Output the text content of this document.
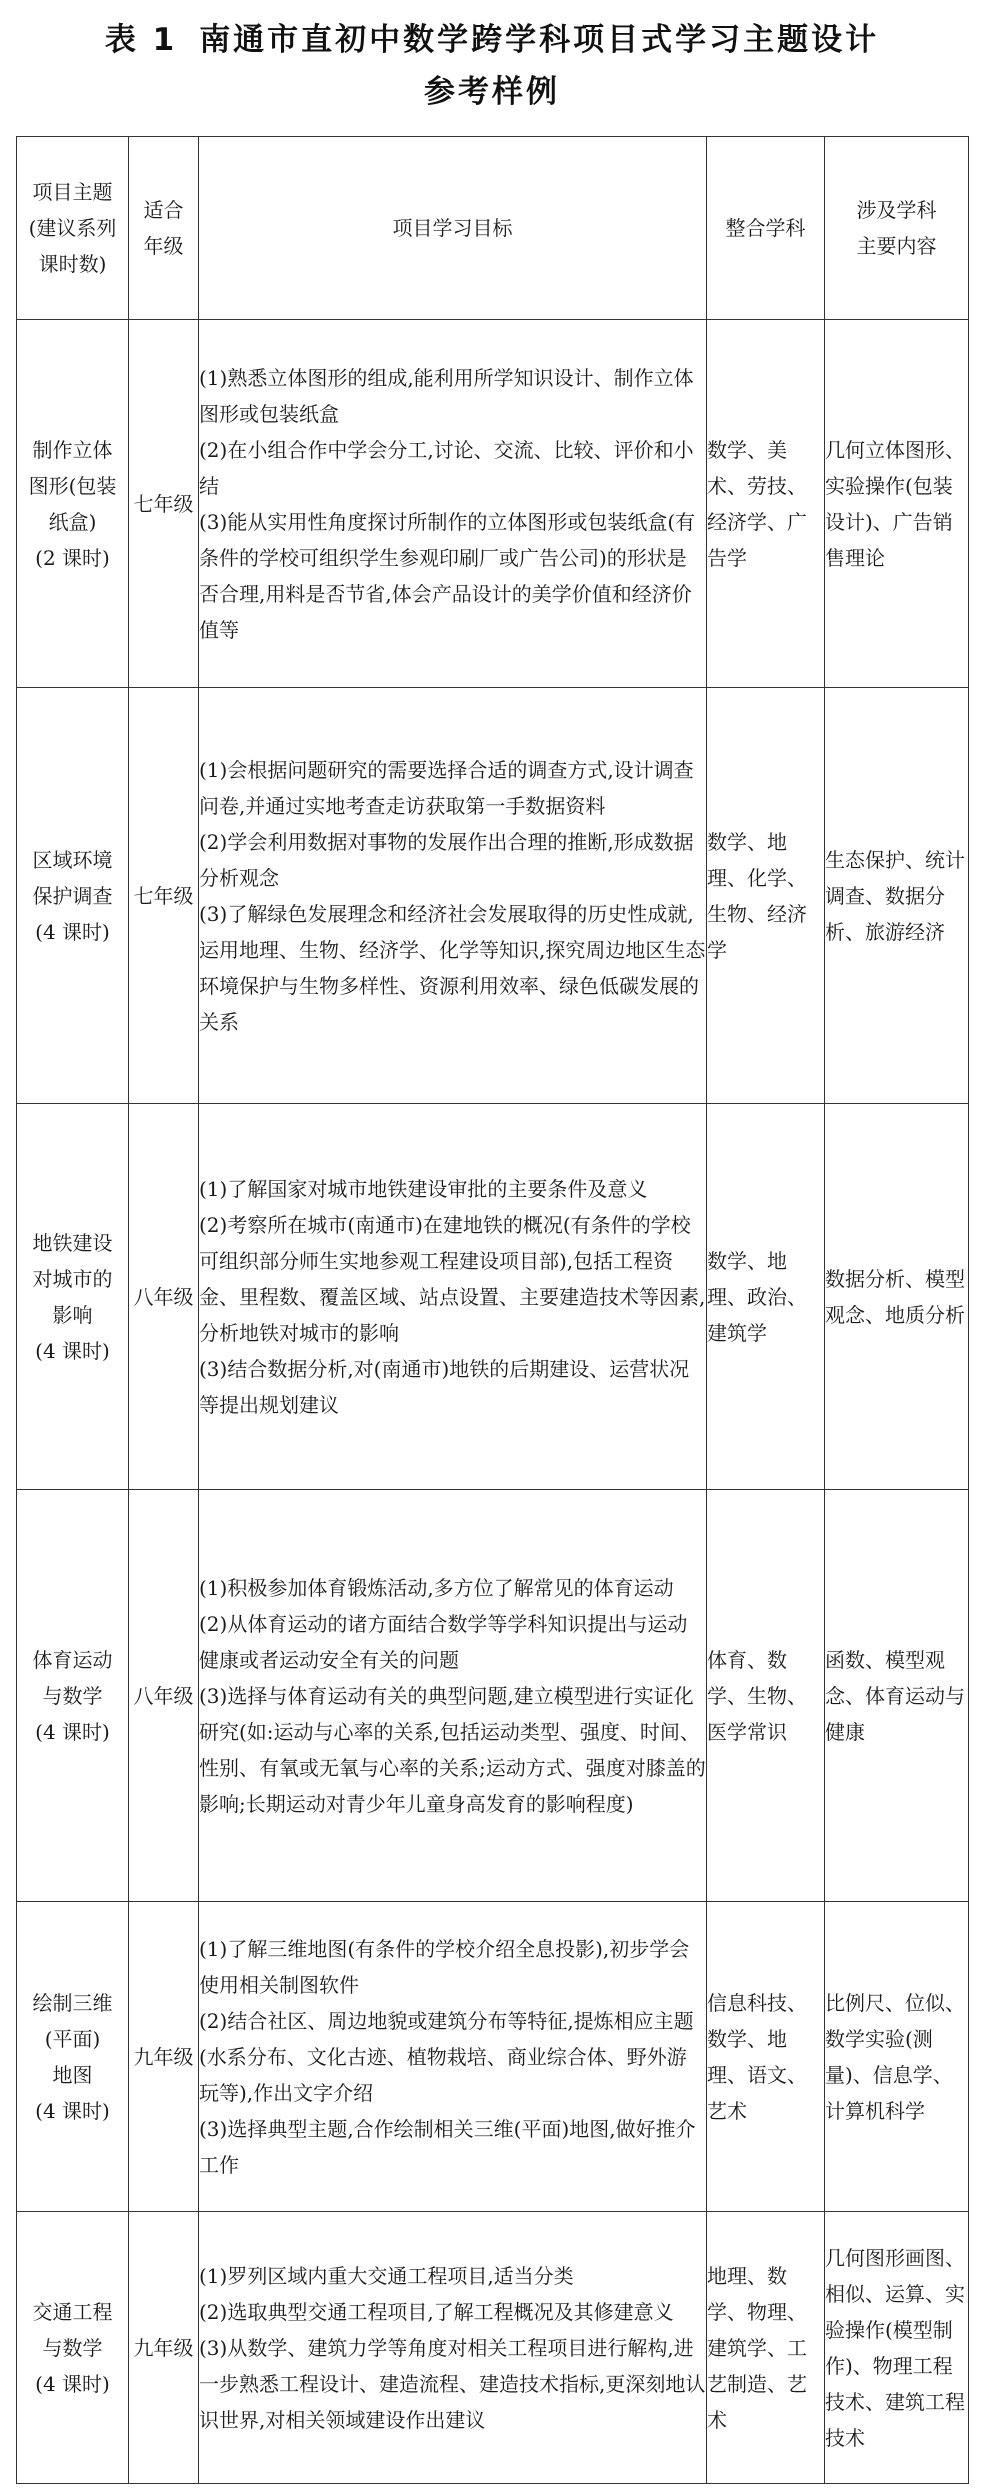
表 1 南通市直初中数学跨学科项目式学习主题设计
参考样例
项目主题
(建议系列
课时数)	适合
年级	项目学习目标	整合学科	涉及学科
主要内容

制作立体
图形(包装
纸盒)
(2 课时)	七年级	(1)熟悉立体图形的组成,能利用所学知识设计、制作立体图形或包装纸盒
(2)在小组合作中学会分工,讨论、交流、比较、评价和小结
(3)能从实用性角度探讨所制作的立体图形或包装纸盒(有条件的学校可组织学生参观印刷厂或广告公司)的形状是否合理,用料是否节省,体会产品设计的美学价值和经济价值等	数学、美术、劳技、经济学、广告学	几何立体图形、实验操作(包装设计)、广告销售理论

区域环境
保护调查
(4 课时)	七年级	(1)会根据问题研究的需要选择合适的调查方式,设计调查问卷,并通过实地考查走访获取第一手数据资料
(2)学会利用数据对事物的发展作出合理的推断,形成数据分析观念
(3)了解绿色发展理念和经济社会发展取得的历史性成就,运用地理、生物、经济学、化学等知识,探究周边地区生态环境保护与生物多样性、资源利用效率、绿色低碳发展的关系	数学、地理、化学、生物、经济学	生态保护、统计调查、数据分析、旅游经济

地铁建设
对城市的
影响
(4 课时)	八年级	(1)了解国家对城市地铁建设审批的主要条件及意义
(2)考察所在城市(南通市)在建地铁的概况(有条件的学校可组织部分师生实地参观工程建设项目部),包括工程资金、里程数、覆盖区域、站点设置、主要建造技术等因素,分析地铁对城市的影响
(3)结合数据分析,对(南通市)地铁的后期建设、运营状况等提出规划建议	数学、地理、政治、建筑学	数据分析、模型观念、地质分析

体育运动
与数学
(4 课时)	八年级	(1)积极参加体育锻炼活动,多方位了解常见的体育运动
(2)从体育运动的诸方面结合数学等学科知识提出与运动健康或者运动安全有关的问题
(3)选择与体育运动有关的典型问题,建立模型进行实证化研究(如:运动与心率的关系,包括运动类型、强度、时间、性别、有氧或无氧与心率的关系;运动方式、强度对膝盖的影响;长期运动对青少年儿童身高发育的影响程度)	体育、数学、生物、医学常识	函数、模型观念、体育运动与健康

绘制三维
(平面)
地图
(4 课时)	九年级	(1)了解三维地图(有条件的学校介绍全息投影),初步学会使用相关制图软件
(2)结合社区、周边地貌或建筑分布等特征,提炼相应主题(水系分布、文化古迹、植物栽培、商业综合体、野外游玩等),作出文字介绍
(3)选择典型主题,合作绘制相关三维(平面)地图,做好推介工作	信息科技、数学、地理、语文、艺术	比例尺、位似、数学实验(测量)、信息学、计算机科学

交通工程
与数学
(4 课时)	九年级	(1)罗列区域内重大交通工程项目,适当分类
(2)选取典型交通工程项目,了解工程概况及其修建意义
(3)从数学、建筑力学等角度对相关工程项目进行解构,进一步熟悉工程设计、建造流程、建造技术指标,更深刻地认识世界,对相关领域建设作出建议	地理、数学、物理、建筑学、工艺制造、艺术	几何图形画图、相似、运算、实验操作(模型制作)、物理工程技术、建筑工程技术
